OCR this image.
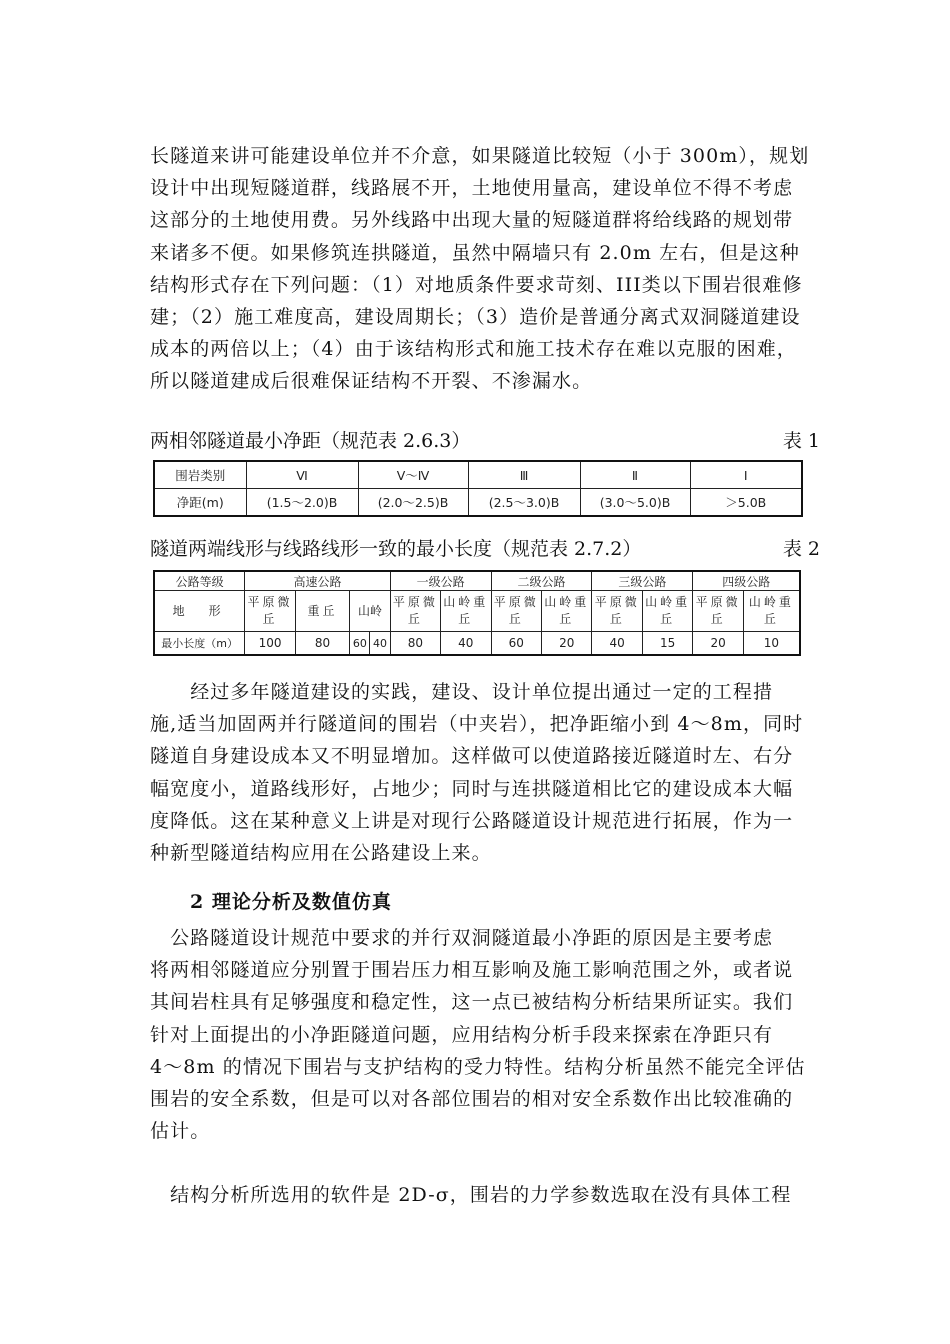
长隧道来讲可能建设单位并不介意，如果隧道比较短（小于 300m），规划
设计中出现短隧道群，线路展不开，土地使用量高，建设单位不得不考虑
这部分的土地使用费。另外线路中出现大量的短隧道群将给线路的规划带
来诸多不便。如果修筑连拱隧道，虽然中隔墙只有 2.0m 左右，但是这种
结构形式存在下列问题：（1）对地质条件要求苛刻、III类以下围岩很难修
建；（2）施工难度高，建设周期长；（3）造价是普通分离式双洞隧道建设
成本的两倍以上；（4）由于该结构形式和施工技术存在难以克服的困难，
所以隧道建成后很难保证结构不开裂、不渗漏水。
两相邻隧道最小净距（规范表 2.6.3）	表 1
围岩类别	Ⅵ	Ⅴ～Ⅳ	Ⅲ	Ⅱ	Ⅰ
净距(m)	(1.5～2.0)B	(2.0～2.5)B	(2.5～3.0)B	(3.0～5.0)B	＞5.0B
隧道两端线形与线路线形一致的最小长度（规范表 2.7.2）	表 2
公路等级	高速公路				一级公路		二级公路		三级公路		四级公路	
地　形	平原微丘	重丘	山岭		平原微丘	山岭重丘	平原微丘	山岭重丘	平原微丘	山岭重丘	平原微丘	山岭重丘
最小长度（m）	100	80	60	40	80	40	60	20	40	15	20	10
　　经过多年隧道建设的实践，建设、设计单位提出通过一定的工程措
施,适当加固两并行隧道间的围岩（中夹岩），把净距缩小到 4～8m，同时
隧道自身建设成本又不明显增加。这样做可以使道路接近隧道时左、右分
幅宽度小，道路线形好，占地少；同时与连拱隧道相比它的建设成本大幅
度降低。这在某种意义上讲是对现行公路隧道设计规范进行拓展，作为一
种新型隧道结构应用在公路建设上来。
2 理论分析及数值仿真
　公路隧道设计规范中要求的并行双洞隧道最小净距的原因是主要考虑
将两相邻隧道应分别置于围岩压力相互影响及施工影响范围之外，或者说
其间岩柱具有足够强度和稳定性，这一点已被结构分析结果所证实。我们
针对上面提出的小净距隧道问题，应用结构分析手段来探索在净距只有
4～8m 的情况下围岩与支护结构的受力特性。结构分析虽然不能完全评估
围岩的安全系数，但是可以对各部位围岩的相对安全系数作出比较准确的
估计。
　结构分析所选用的软件是 2D-σ，围岩的力学参数选取在没有具体工程
